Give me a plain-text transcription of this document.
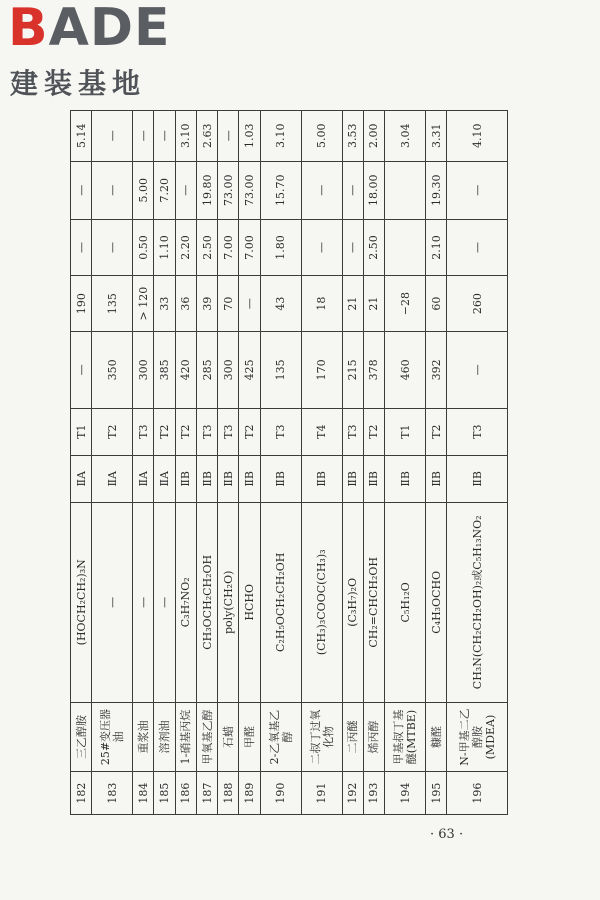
BADE
建装基地
182	三乙醇胺	(HOCH₂CH₂)₃N	ⅡA	T1	—	190	—	—	5.14
183	25#变压器油	—	ⅡA	T2	350	135	—	—	—
184	重浆油	—	ⅡA	T3	300	> 120	0.50	5.00	—
185	溶剂油	—	ⅡA	T2	385	33	1.10	7.20	—
186	1-硝基丙烷	C₃H₇NO₂	ⅡB	T2	420	36	2.20	—	3.10
187	甲氧基乙醇	CH₃OCH₂CH₂OH	ⅡB	T3	285	39	2.50	19.80	2.63
188	石蜡	poly(CH₂O)	ⅡB	T3	300	70	7.00	73.00	—
189	甲醛	HCHO	ⅡB	T2	425	—	7.00	73.00	1.03
190	2-乙氧基乙醇	C₂H₅OCH₂CH₂OH	ⅡB	T3	135	43	1.80	15.70	3.10
191	二叔丁过氧化物	(CH₃)₃COOC(CH₃)₃	ⅡB	T4	170	18	—	—	5.00
192	二丙醚	(C₃H₇)₂O	ⅡB	T3	215	21	—	—	3.53
193	烯丙醇	CH₂=CHCH₂OH	ⅡB	T2	378	21	2.50	18.00	2.00
194	甲基叔丁基醚(MTBE)	C₅H₁₂O	ⅡB	T1	460	−28			3.04
195	糠醛	C₄H₃OCHO	ⅡB	T2	392	60	2.10	19.30	3.31
196	N-甲基二乙醇胺(MDEA)	CH₃N(CH₂CH₂OH)₂或C₅H₁₃NO₂	ⅡB	T3	—	260	—	—	4.10
· 63 ·
